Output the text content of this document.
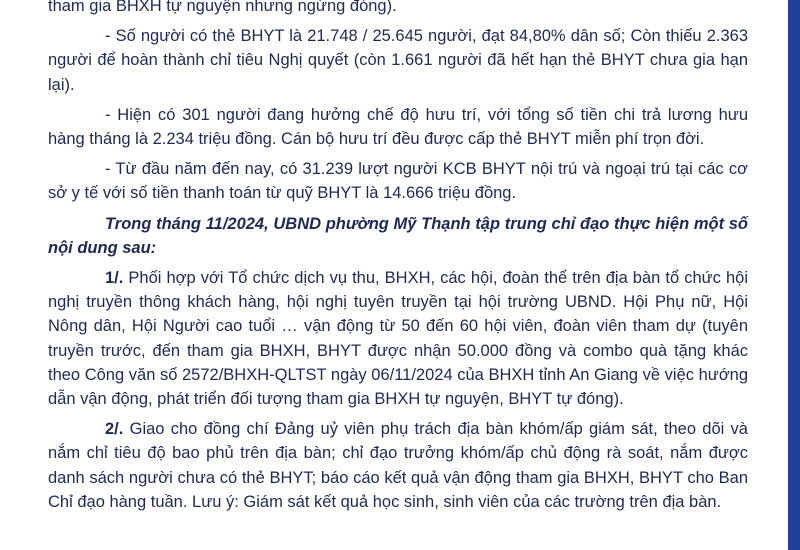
tham gia BHXH tự nguyện nhưng ngừng đóng).

- Số người có thẻ BHYT là 21.748 / 25.645 người, đạt 84,80% dân số; Còn thiếu 2.363 người để hoàn thành chỉ tiêu Nghị quyết (còn 1.661 người đã hết hạn thẻ BHYT chưa gia hạn lại).

- Hiện có 301 người đang hưởng chế độ hưu trí, với tổng số tiền chi trả lương hưu hàng tháng là 2.234 triệu đồng. Cán bộ hưu trí đều được cấp thẻ BHYT miễn phí trọn đời.

- Từ đầu năm đến nay, có 31.239 lượt người KCB BHYT nội trú và ngoại trú tại các cơ sở y tế với số tiền thanh toán từ quỹ BHYT là 14.666 triệu đồng.

Trong tháng 11/2024, UBND phường Mỹ Thạnh tập trung chỉ đạo thực hiện một số nội dung sau:

1/. Phối hợp với Tổ chức dịch vụ thu, BHXH, các hội, đoàn thể trên địa bàn tổ chức hội nghị truyền thông khách hàng, hội nghị tuyên truyền tại hội trường UBND. Hội Phụ nữ, Hội Nông dân, Hội Người cao tuổi … vận động từ 50 đến 60 hội viên, đoàn viên tham dự (tuyên truyền trước, đến tham gia BHXH, BHYT được nhận 50.000 đồng và combo quà tặng khác theo Công văn số 2572/BHXH-QLTST ngày 06/11/2024 của BHXH tỉnh An Giang về việc hướng dẫn vận động, phát triển đối tượng tham gia BHXH tự nguyện, BHYT tự đóng).

2/. Giao cho đồng chí Đảng uỷ viên phụ trách địa bàn khóm/ấp giám sát, theo dõi và nắm chỉ tiêu độ bao phủ trên địa bàn; chỉ đạo trưởng khóm/ấp chủ động rà soát, nắm được danh sách người chưa có thẻ BHYT; báo cáo kết quả vận động tham gia BHXH, BHYT cho Ban Chỉ đạo hàng tuần. Lưu ý: Giám sát kết quả học sinh, sinh viên của các trường trên địa bàn.
